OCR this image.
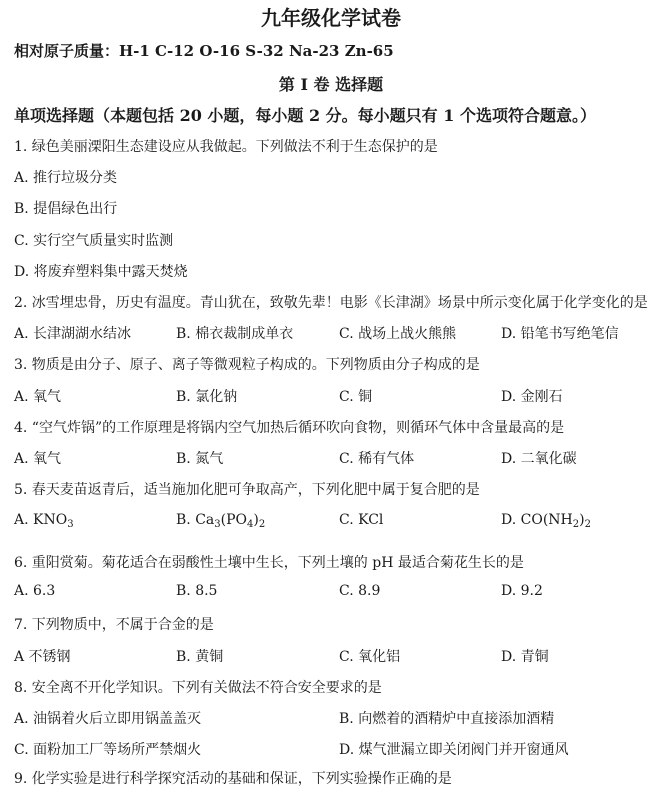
九年级化学试卷
相对原子质量：H-1 C-12 O-16 S-32 Na-23 Zn-65
第 I 卷 选择题
单项选择题（本题包括 20 小题，每小题 2 分。每小题只有 1 个选项符合题意。）
1. 绿色美丽溧阳生态建设应从我做起。下列做法不利于生态保护的是
A. 推行垃圾分类
B. 提倡绿色出行
C. 实行空气质量实时监测
D. 将废弃塑料集中露天焚烧
2. 冰雪埋忠骨，历史有温度。青山犹在，致敬先辈！电影《长津湖》场景中所示变化属于化学变化的是
A. 长津湖湖水结冰	B. 棉衣裁制成单衣	C. 战场上战火熊熊	D. 铅笔书写绝笔信
3. 物质是由分子、原子、离子等微观粒子构成的。下列物质由分子构成的是
A. 氧气	B. 氯化钠	C. 铜	D. 金刚石
4. “空气炸锅”的工作原理是将锅内空气加热后循环吹向食物，则循环气体中含量最高的是
A. 氧气	B. 氮气	C. 稀有气体	D. 二氧化碳
5. 春天麦苗返青后，适当施加化肥可争取高产，下列化肥中属于复合肥的是
A. $KNO_3$	B. $Ca_3(PO_4)_2$	C. KCl	D. $CO(NH_2)_2$
6. 重阳赏菊。菊花适合在弱酸性土壤中生长，下列土壤的 pH 最适合菊花生长的是
A. 6.3	B. 8.5	C. 8.9	D. 9.2
7. 下列物质中，不属于合金的是
A 不锈钢	B. 黄铜	C. 氧化铝	D. 青铜
8. 安全离不开化学知识。下列有关做法不符合安全要求的是
A. 油锅着火后立即用锅盖盖灭	B. 向燃着的酒精炉中直接添加酒精
C. 面粉加工厂等场所严禁烟火	D. 煤气泄漏立即关闭阀门并开窗通风
9. 化学实验是进行科学探究活动的基础和保证，下列实验操作正确的是
